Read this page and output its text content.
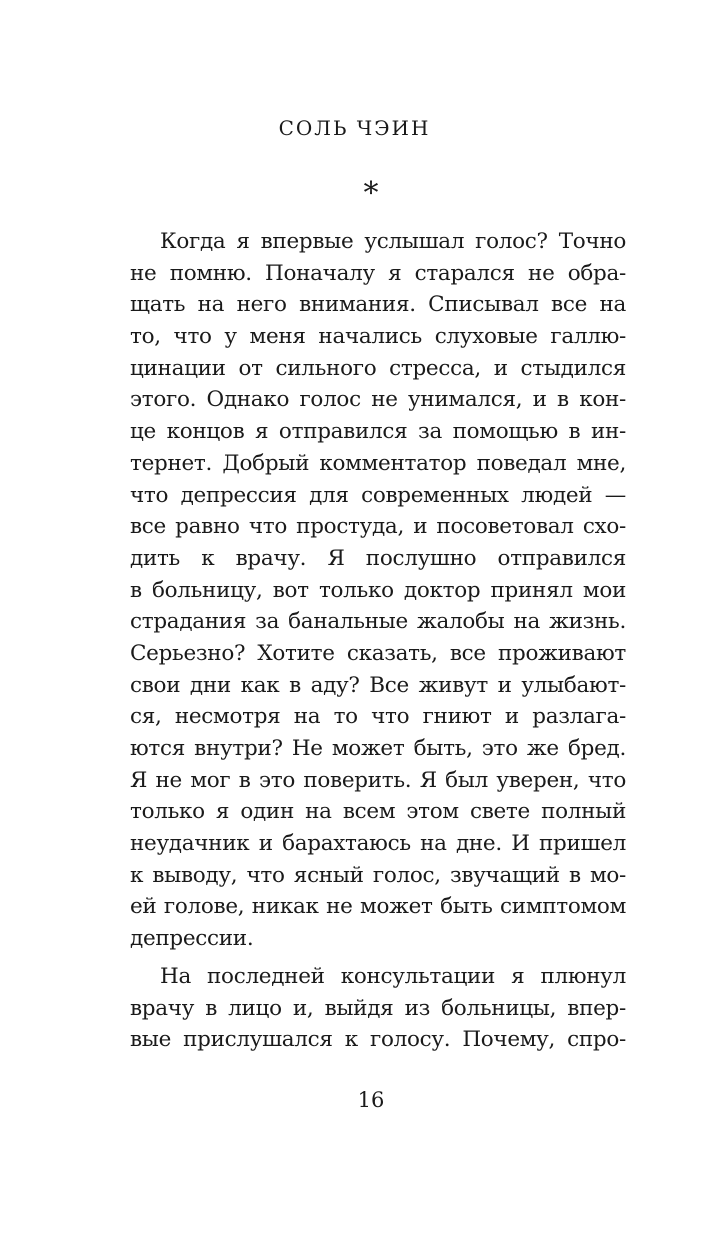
СОЛЬ ЧЭИН
*
Когда я впервые услышал голос? Точно
не помню. Поначалу я старался не обра-
щать на него внимания. Списывал все на
то, что у меня начались слуховые галлю-
цинации от сильного стресса, и стыдился
этого. Однако голос не унимался, и в кон-
це концов я отправился за помощью в ин-
тернет. Добрый комментатор поведал мне,
что депрессия для современных людей —
все равно что простуда, и посоветовал схо-
дить к врачу. Я послушно отправился
в больницу, вот только доктор принял мои
страдания за банальные жалобы на жизнь.
Серьезно? Хотите сказать, все проживают
свои дни как в аду? Все живут и улыбают-
ся, несмотря на то что гниют и разлага-
ются внутри? Не может быть, это же бред.
Я не мог в это поверить. Я был уверен, что
только я один на всем этом свете полный
неудачник и барахтаюсь на дне. И пришел
к выводу, что ясный голос, звучащий в мо-
ей голове, никак не может быть симптомом
депрессии.
На последней консультации я плюнул
врачу в лицо и, выйдя из больницы, впер-
вые прислушался к голосу. Почему, спро-
16
